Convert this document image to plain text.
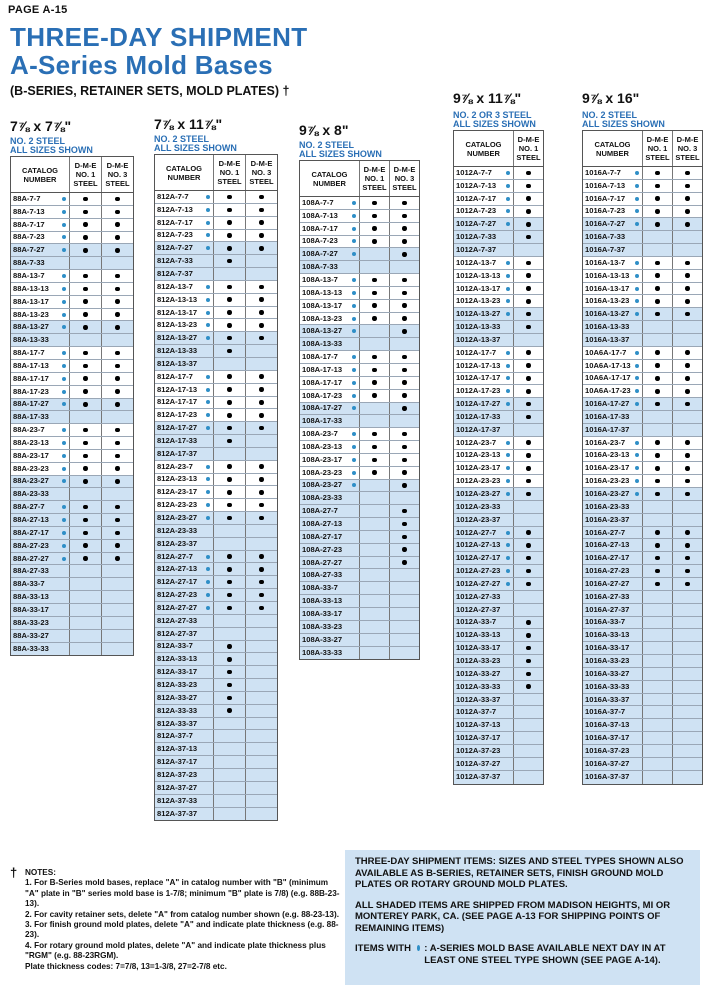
PAGE A-15
THREE-DAY SHIPMENT
A-Series Mold Bases
(B-SERIES, RETAINER SETS, MOLD PLATES) †
7⅞ x 7⅞"
NO. 2 STEEL
ALL SIZES SHOWN
CATALOG NUMBER
D-M-E NO. 1 STEEL
D-M-E NO. 3 STEEL
88A-7-7
88A-7-13
88A-7-17
88A-7-23
88A-7-27
88A-7-33
88A-13-7
88A-13-13
88A-13-17
88A-13-23
88A-13-27
88A-13-33
88A-17-7
88A-17-13
88A-17-17
88A-17-23
88A-17-27
88A-17-33
88A-23-7
88A-23-13
88A-23-17
88A-23-23
88A-23-27
88A-23-33
88A-27-7
88A-27-13
88A-27-17
88A-27-23
88A-27-27
88A-27-33
88A-33-7
88A-33-13
88A-33-17
88A-33-23
88A-33-27
88A-33-33
7⅞ x 11⅞"
NO. 2 STEEL
ALL SIZES SHOWN
CATALOG NUMBER
D-M-E NO. 1 STEEL
D-M-E NO. 3 STEEL
812A-7-7
812A-7-13
812A-7-17
812A-7-23
812A-7-27
812A-7-33
812A-7-37
812A-13-7
812A-13-13
812A-13-17
812A-13-23
812A-13-27
812A-13-33
812A-13-37
812A-17-7
812A-17-13
812A-17-17
812A-17-23
812A-17-27
812A-17-33
812A-17-37
812A-23-7
812A-23-13
812A-23-17
812A-23-23
812A-23-27
812A-23-33
812A-23-37
812A-27-7
812A-27-13
812A-27-17
812A-27-23
812A-27-27
812A-27-33
812A-27-37
812A-33-7
812A-33-13
812A-33-17
812A-33-23
812A-33-27
812A-33-33
812A-33-37
812A-37-7
812A-37-13
812A-37-17
812A-37-23
812A-37-27
812A-37-33
812A-37-37
9⅞ x 8"
NO. 2 STEEL
ALL SIZES SHOWN
CATALOG NUMBER
D-M-E NO. 1 STEEL
D-M-E NO. 3 STEEL
108A-7-7
108A-7-13
108A-7-17
108A-7-23
108A-7-27
108A-7-33
108A-13-7
108A-13-13
108A-13-17
108A-13-23
108A-13-27
108A-13-33
108A-17-7
108A-17-13
108A-17-17
108A-17-23
108A-17-27
108A-17-33
108A-23-7
108A-23-13
108A-23-17
108A-23-23
108A-23-27
108A-23-33
108A-27-7
108A-27-13
108A-27-17
108A-27-23
108A-27-27
108A-27-33
108A-33-7
108A-33-13
108A-33-17
108A-33-23
108A-33-27
108A-33-33
9⅞ x 11⅞"
NO. 2 OR 3 STEEL
ALL SIZES SHOWN
CATALOG NUMBER
D-M-E NO. 1 STEEL
1012A-7-7
1012A-7-13
1012A-7-17
1012A-7-23
1012A-7-27
1012A-7-33
1012A-7-37
1012A-13-7
1012A-13-13
1012A-13-17
1012A-13-23
1012A-13-27
1012A-13-33
1012A-13-37
1012A-17-7
1012A-17-13
1012A-17-17
1012A-17-23
1012A-17-27
1012A-17-33
1012A-17-37
1012A-23-7
1012A-23-13
1012A-23-17
1012A-23-23
1012A-23-27
1012A-23-33
1012A-23-37
1012A-27-7
1012A-27-13
1012A-27-17
1012A-27-23
1012A-27-27
1012A-27-33
1012A-27-37
1012A-33-7
1012A-33-13
1012A-33-17
1012A-33-23
1012A-33-27
1012A-33-33
1012A-33-37
1012A-37-7
1012A-37-13
1012A-37-17
1012A-37-23
1012A-37-27
1012A-37-37
9⅞ x 16"
NO. 2 STEEL
ALL SIZES SHOWN
CATALOG NUMBER
D-M-E NO. 1 STEEL
D-M-E NO. 3 STEEL
1016A-7-7
1016A-7-13
1016A-7-17
1016A-7-23
1016A-7-27
1016A-7-33
1016A-7-37
1016A-13-7
1016A-13-13
1016A-13-17
1016A-13-23
1016A-13-27
1016A-13-33
1016A-13-37
10A6A-17-7
10A6A-17-13
10A6A-17-17
10A6A-17-23
1016A-17-27
1016A-17-33
1016A-17-37
1016A-23-7
1016A-23-13
1016A-23-17
1016A-23-23
1016A-23-27
1016A-23-33
1016A-23-37
1016A-27-7
1016A-27-13
1016A-27-17
1016A-27-23
1016A-27-27
1016A-27-33
1016A-27-37
1016A-33-7
1016A-33-13
1016A-33-17
1016A-33-23
1016A-33-27
1016A-33-33
1016A-33-37
1016A-37-7
1016A-37-13
1016A-37-17
1016A-37-23
1016A-37-27
1016A-37-37
† NOTES:
1. For B-Series mold bases, replace "A" in catalog number with "B" (minimum "A" plate in "B" series mold base is 1-7/8; minimum "B" plate is 7/8) (e.g. 88B-23-13).
2. For cavity retainer sets, delete "A" from catalog number shown (e.g. 88-23-13).
3. For finish ground mold plates, delete "A" and indicate plate thickness (e.g. 88-23).
4. For rotary ground mold plates, delete "A" and indicate plate thickness plus "RGM" (e.g. 88-23RGM).
Plate thickness codes: 7=7/8, 13=1-3/8, 27=2-7/8 etc.

THREE-DAY SHIPMENT ITEMS: SIZES AND STEEL TYPES SHOWN ALSO AVAILABLE AS B-SERIES, RETAINER SETS, FINISH GROUND MOLD PLATES OR ROTARY GROUND MOLD PLATES.

ALL SHADED ITEMS ARE SHIPPED FROM MADISON HEIGHTS, MI OR MONTEREY PARK, CA. (SEE PAGE A-13 FOR SHIPPING POINTS OF REMAINING ITEMS)

ITEMS WITH : A-SERIES MOLD BASE AVAILABLE NEXT DAY IN AT LEAST ONE STEEL TYPE SHOWN (SEE PAGE A-14).
